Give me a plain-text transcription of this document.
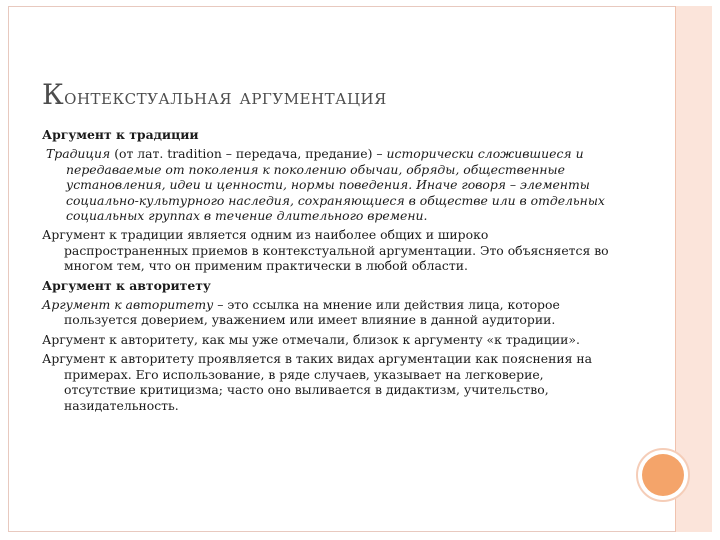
Контекстуальная аргументация

Аргумент к традиции

Традиция (от лат. tradition – передача, предание) – исторически сложившиеся и передаваемые от поколения к поколению обычаи, обряды, общественные установления, идеи и ценности, нормы поведения. Иначе говоря – элементы социально-культурного наследия, сохраняющиеся в обществе или в отдельных социальных группах в течение длительного времени.

Аргумент к традиции является одним из наиболее общих и широко распространенных приемов в контекстуальной аргументации. Это объясняется во многом тем, что он применим практически в любой области.

Аргумент к авторитету

Аргумент к авторитету – это ссылка на мнение или действия лица, которое пользуется доверием, уважением или имеет влияние в данной аудитории.

Аргумент к авторитету, как мы уже отмечали, близок к аргументу «к традиции».

Аргумент к авторитету проявляется в таких видах аргументации как пояснения на примерах. Его использование, в ряде случаев, указывает на легковерие, отсутствие критицизма; часто оно выливается в дидактизм, учительство, назидательность.
